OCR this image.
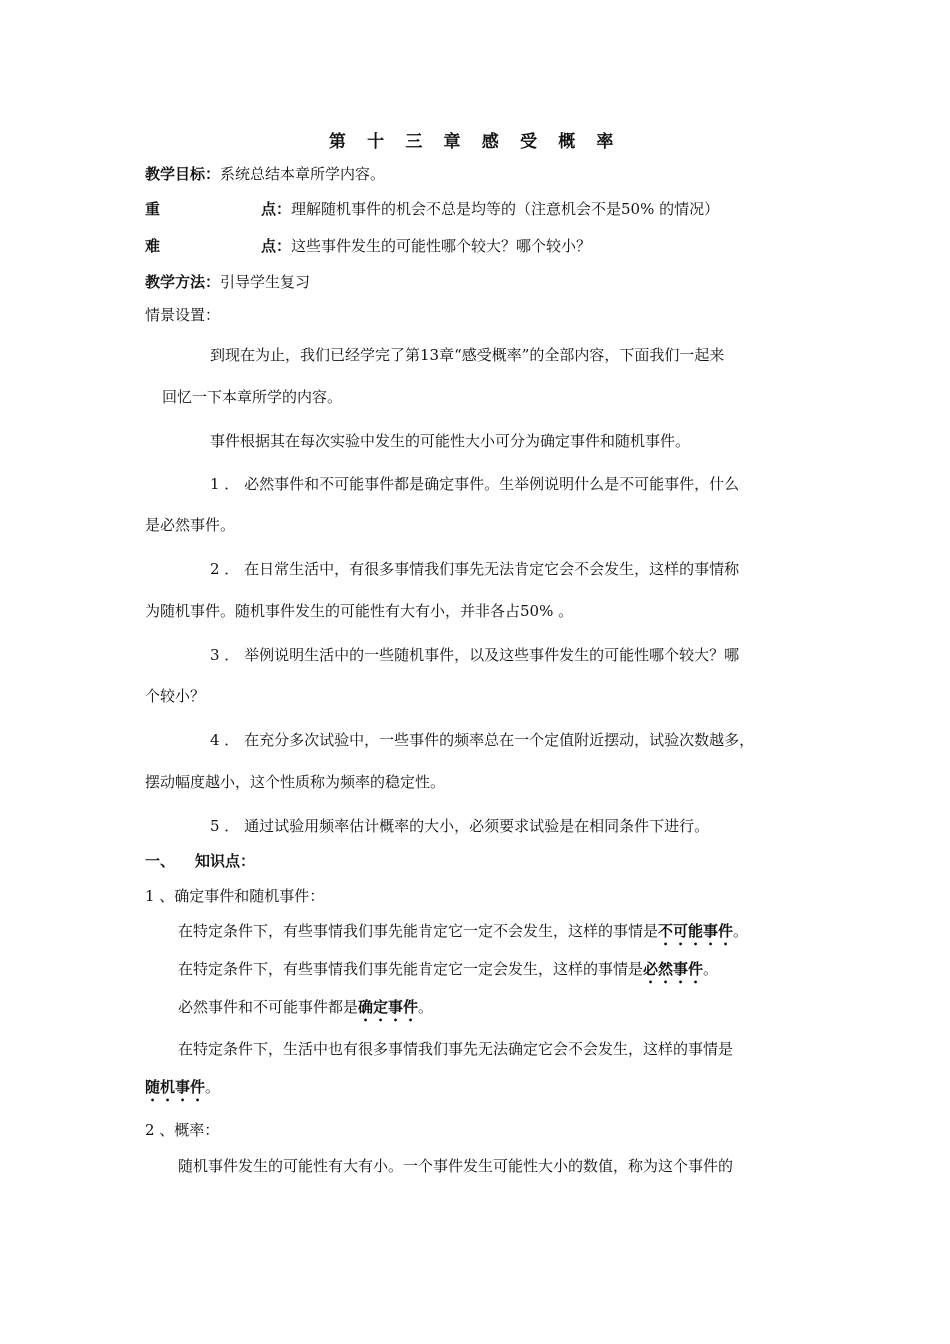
第 十 三 章 感 受 概 率
教学目标：系统总结本章所学内容。
重	点：理解随机事件的机会不总是均等的（注意机会不是50% 的情况）
难	点：这些事件发生的可能性哪个较大？哪个较小？
教学方法：引导学生复习
情景设置：
到现在为止，我们已经学完了第13章“感受概率”的全部内容，下面我们一起来
回忆一下本章所学的内容。
事件根据其在每次实验中发生的可能性大小可分为确定事件和随机事件。
1 ． 必然事件和不可能事件都是确定事件。生举例说明什么是不可能事件，什么
是必然事件。
2 ． 在日常生活中，有很多事情我们事先无法肯定它会不会发生，这样的事情称
为随机事件。随机事件发生的可能性有大有小，并非各占50% 。
3 ． 举例说明生活中的一些随机事件，以及这些事件发生的可能性哪个较大？哪
个较小？
4 ． 在充分多次试验中，一些事件的频率总在一个定值附近摆动，试验次数越多，
摆动幅度越小，这个性质称为频率的稳定性。
5 ． 通过试验用频率估计概率的大小，必须要求试验是在相同条件下进行。
一、 知识点：
1 、确定事件和随机事件：
在特定条件下，有些事情我们事先能肯定它一定不会发生，这样的事情是不可能事件。
在特定条件下，有些事情我们事先能肯定它一定会发生，这样的事情是必然事件。
必然事件和不可能事件都是确定事件。
在特定条件下，生活中也有很多事情我们事先无法确定它会不会发生，这样的事情是
随机事件。
2 、概率：
随机事件发生的可能性有大有小。一个事件发生可能性大小的数值，称为这个事件的
